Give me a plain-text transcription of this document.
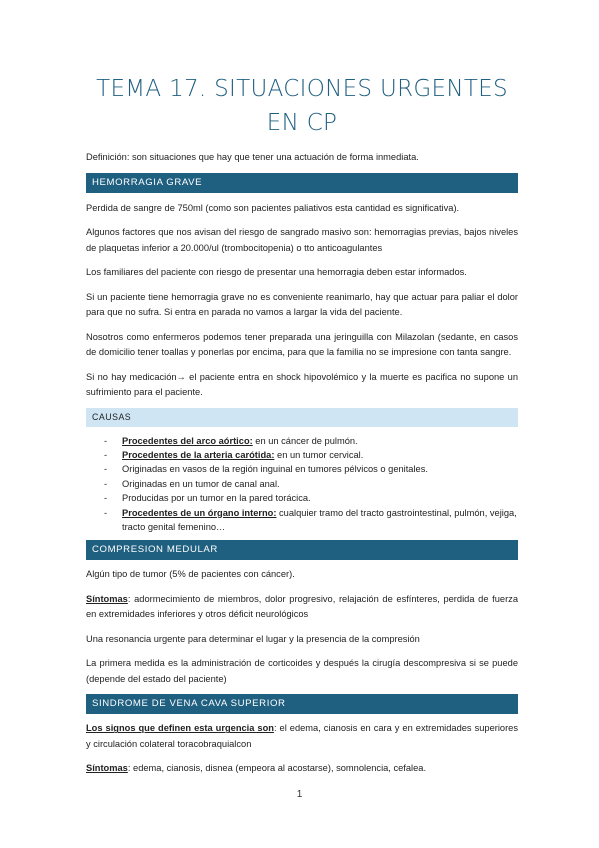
TEMA 17. SITUACIONES URGENTES EN CP

Definición: son situaciones que hay que tener una actuación de forma inmediata.

HEMORRAGIA GRAVE

Perdida de sangre de 750ml (como son pacientes paliativos esta cantidad es significativa).

Algunos factores que nos avisan del riesgo de sangrado masivo son: hemorragias previas, bajos niveles de plaquetas inferior a 20.000/ul (trombocitopenia) o tto anticoagulantes

Los familiares del paciente con riesgo de presentar una hemorragia deben estar informados.

Si un paciente tiene hemorragia grave no es conveniente reanimarlo, hay que actuar para paliar el dolor para que no sufra. Si entra en parada no vamos a largar la vida del paciente.

Nosotros como enfermeros podemos tener preparada una jeringuilla con Milazolan (sedante, en casos de domicilio tener toallas y ponerlas por encima, para que la familia no se impresione con tanta sangre.

Si no hay medicación→ el paciente entra en shock hipovolémico y la muerte es pacifica no supone un sufrimiento para el paciente.

CAUSAS
- Procedentes del arco aórtico: en un cáncer de pulmón.
- Procedentes de la arteria carótida: en un tumor cervical.
- Originadas en vasos de la región inguinal en tumores pélvicos o genitales.
- Originadas en un tumor de canal anal.
- Producidas por un tumor en la pared torácica.
- Procedentes de un órgano interno: cualquier tramo del tracto gastrointestinal, pulmón, vejiga, tracto genital femenino…
COMPRESION MEDULAR

Algún tipo de tumor (5% de pacientes con cáncer).

Síntomas: adormecimiento de miembros, dolor progresivo, relajación de esfínteres, perdida de fuerza en extremidades inferiores y otros déficit neurológicos

Una resonancia urgente para determinar el lugar y la presencia de la compresión

La primera medida es la administración de corticoides y después la cirugía descompresiva si se puede (depende del estado del paciente)

SINDROME DE VENA CAVA SUPERIOR

Los signos que definen esta urgencia son: el edema, cianosis en cara y en extremidades superiores y circulación colateral toracobraquialcon

Síntomas: edema, cianosis, disnea (empeora al acostarse), somnolencia, cefalea.

1
